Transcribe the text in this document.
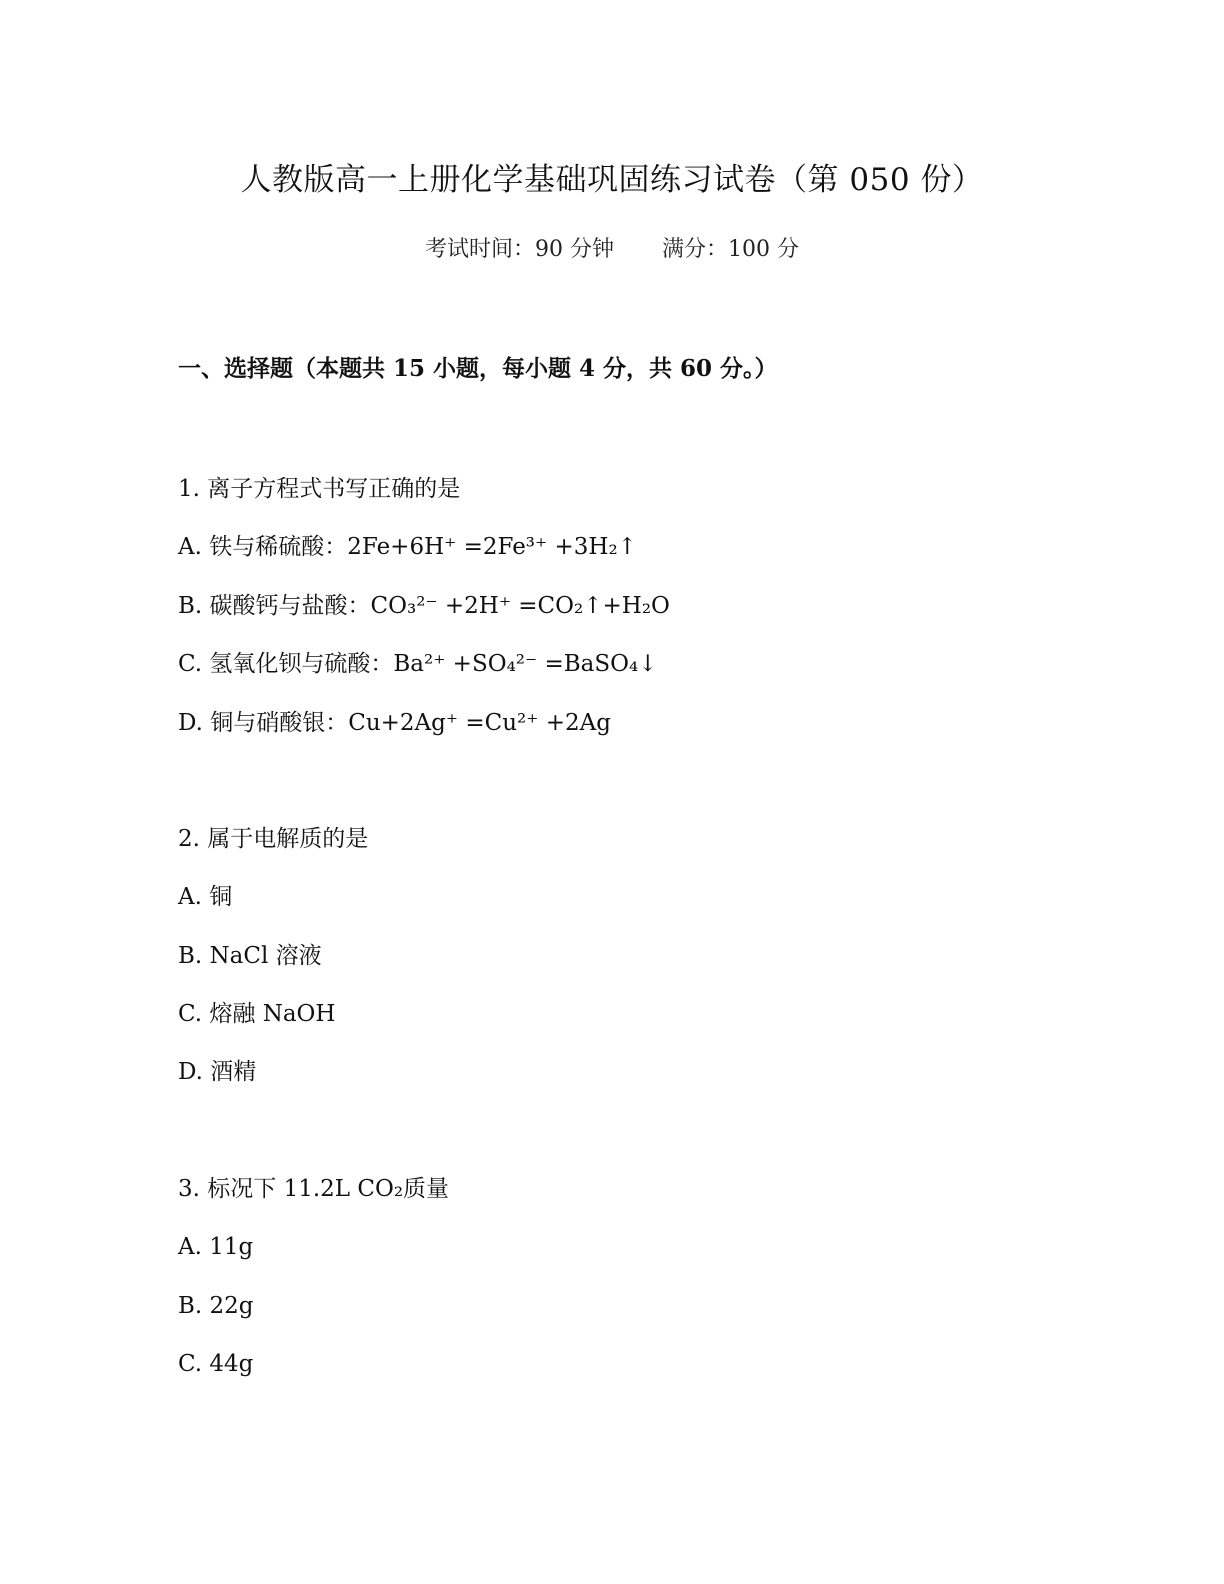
人教版高一上册化学基础巩固练习试卷（第 050 份）
考试时间：90 分钟 满分：100 分
一、选择题（本题共 15 小题，每小题 4 分，共 60 分。）
1. 离子方程式书写正确的是
A. 铁与稀硫酸：2Fe+6H⁺ =2Fe³⁺ +3H₂↑
B. 碳酸钙与盐酸：CO₃²⁻ +2H⁺ =CO₂↑+H₂O
C. 氢氧化钡与硫酸：Ba²⁺ +SO₄²⁻ =BaSO₄↓
D. 铜与硝酸银：Cu+2Ag⁺ =Cu²⁺ +2Ag
2. 属于电解质的是
A. 铜
B. NaCl 溶液
C. 熔融 NaOH
D. 酒精
3. 标况下 11.2L CO₂质量
A. 11g
B. 22g
C. 44g
